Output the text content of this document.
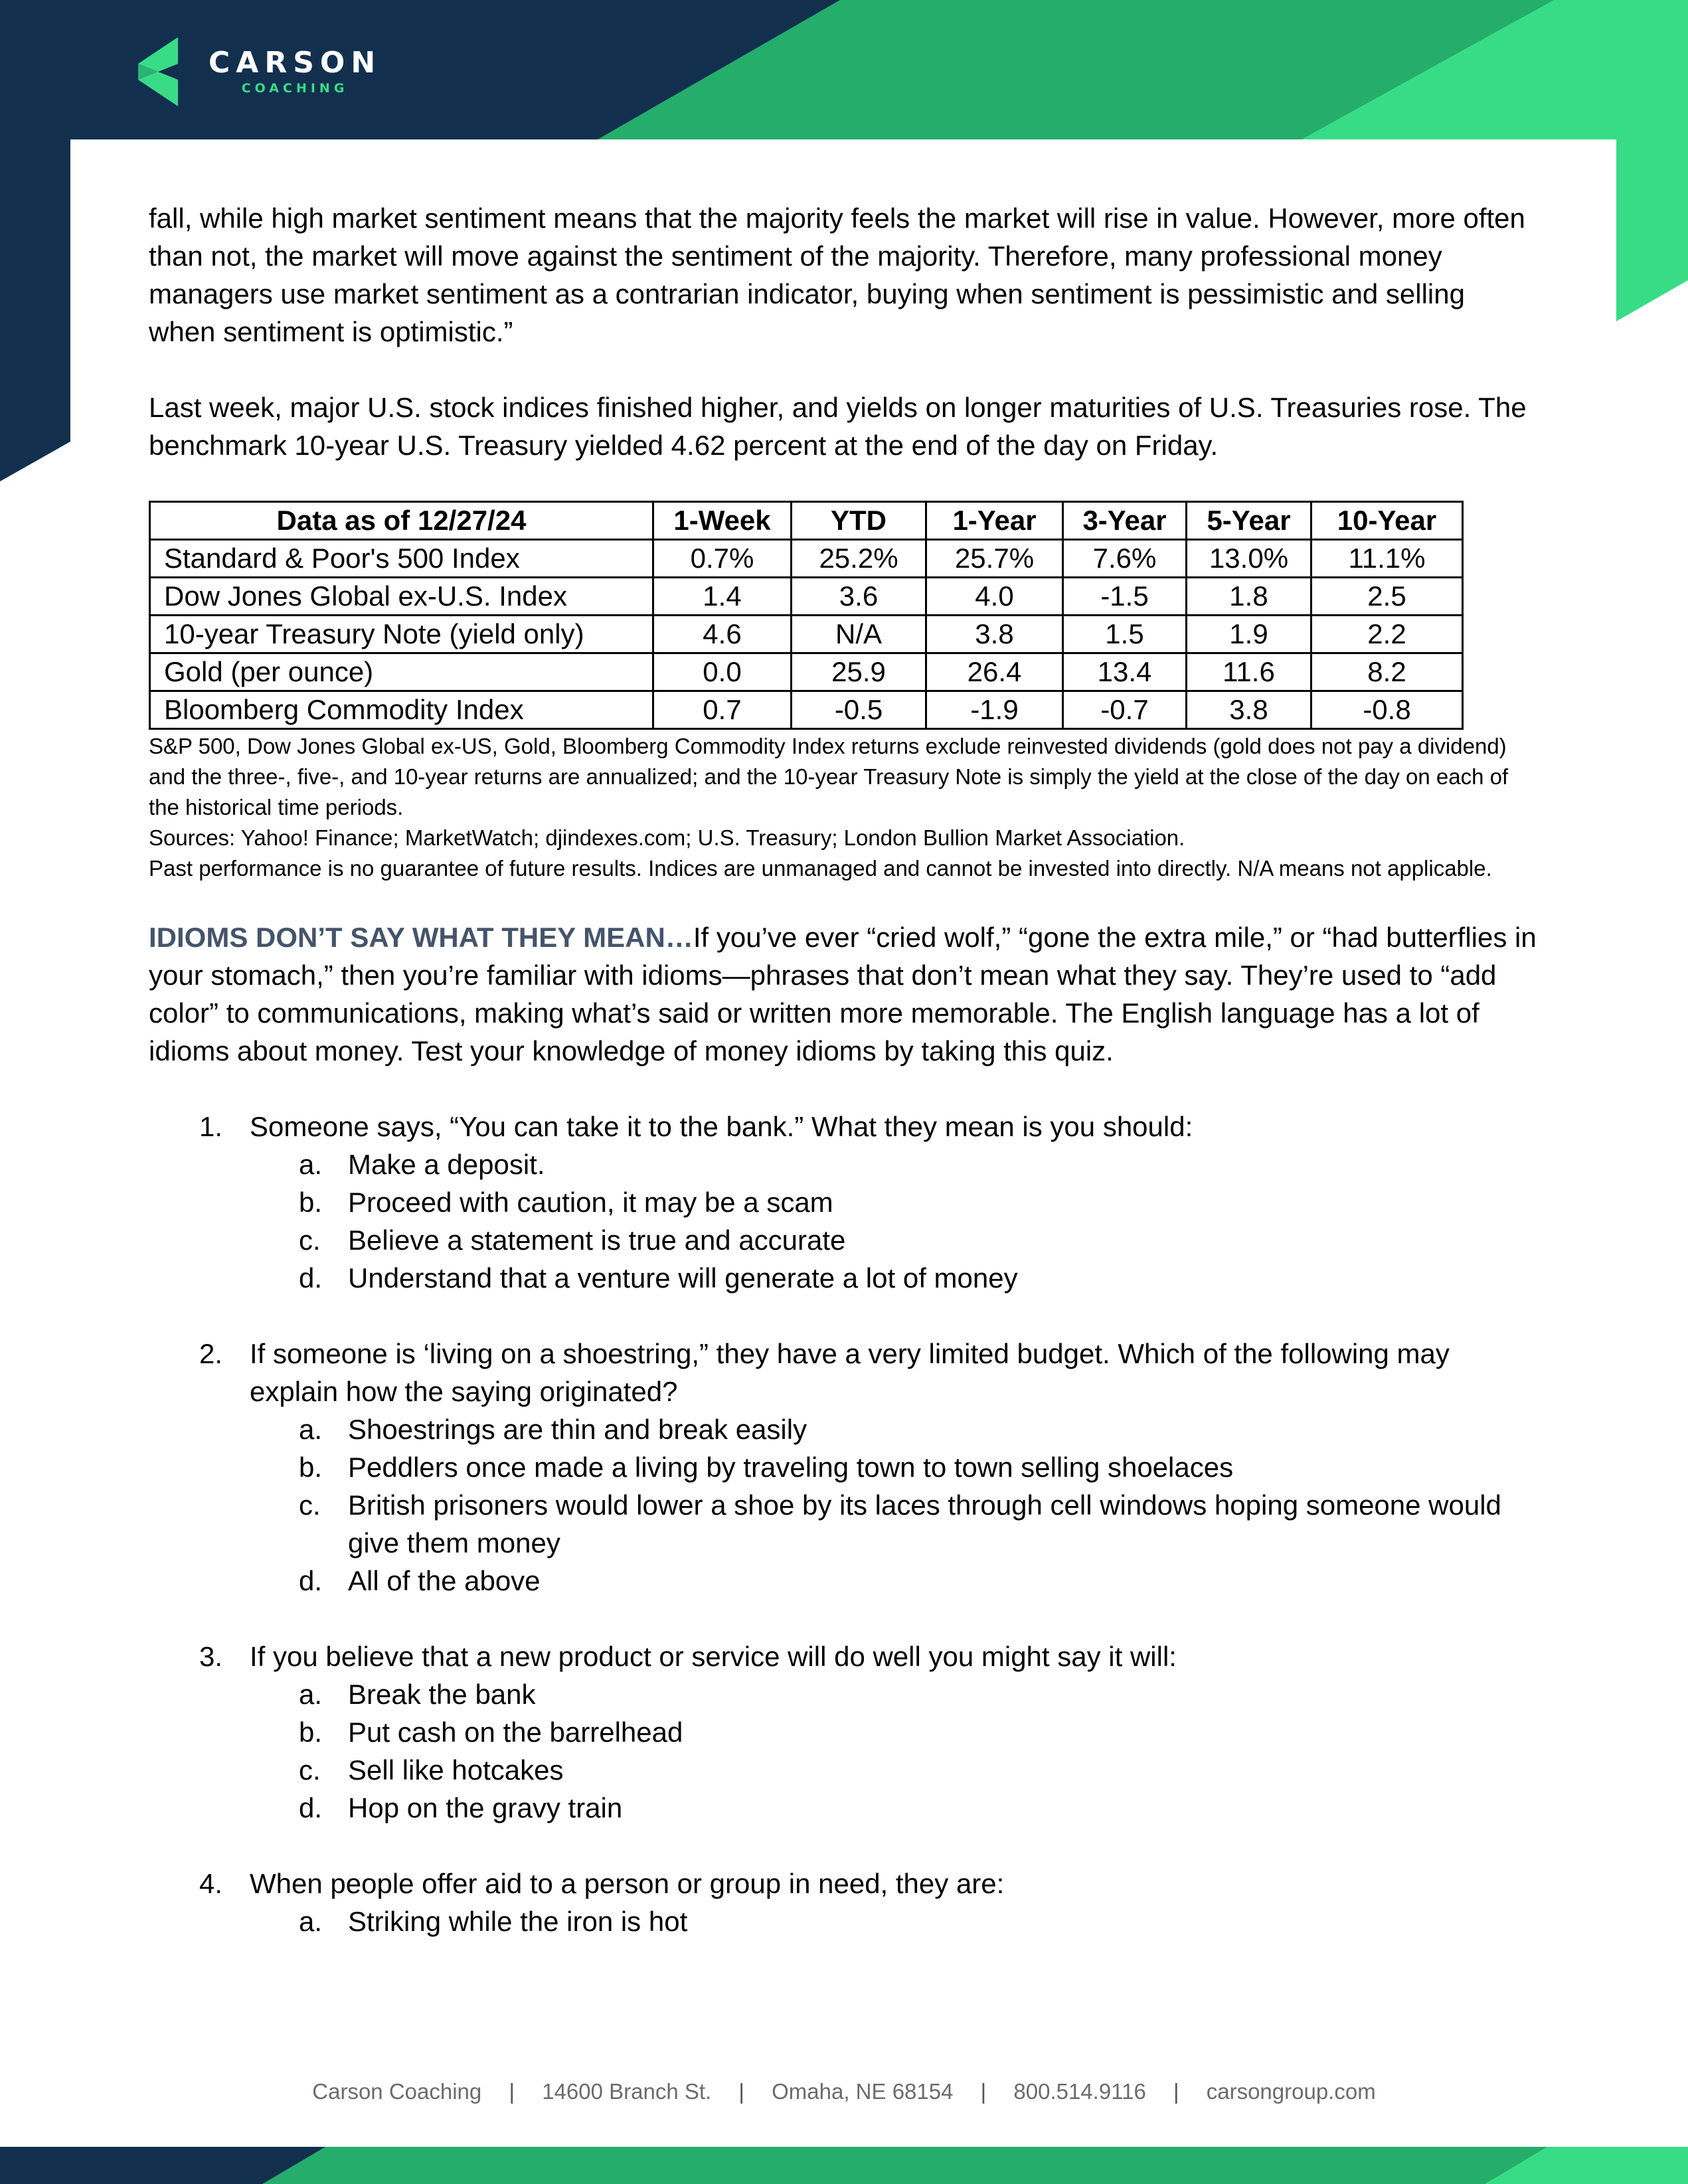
CARSON
COACHING

fall, while high market sentiment means that the majority feels the market will rise in value. However, more often than not, the market will move against the sentiment of the majority. Therefore, many professional money managers use market sentiment as a contrarian indicator, buying when sentiment is pessimistic and selling when sentiment is optimistic.”

Last week, major U.S. stock indices finished higher, and yields on longer maturities of U.S. Treasuries rose. The benchmark 10-year U.S. Treasury yielded 4.62 percent at the end of the day on Friday.

Data as of 12/27/24	1-Week	YTD	1-Year	3-Year	5-Year	10-Year
Standard & Poor's 500 Index	0.7%	25.2%	25.7%	7.6%	13.0%	11.1%
Dow Jones Global ex-U.S. Index	1.4	3.6	4.0	-1.5	1.8	2.5
10-year Treasury Note (yield only)	4.6	N/A	3.8	1.5	1.9	2.2
Gold (per ounce)	0.0	25.9	26.4	13.4	11.6	8.2
Bloomberg Commodity Index	0.7	-0.5	-1.9	-0.7	3.8	-0.8

S&P 500, Dow Jones Global ex-US, Gold, Bloomberg Commodity Index returns exclude reinvested dividends (gold does not pay a dividend) and the three-, five-, and 10-year returns are annualized; and the 10-year Treasury Note is simply the yield at the close of the day on each of the historical time periods.

Sources: Yahoo! Finance; MarketWatch; djindexes.com; U.S. Treasury; London Bullion Market Association.

Past performance is no guarantee of future results. Indices are unmanaged and cannot be invested into directly. N/A means not applicable.

IDIOMS DON’T SAY WHAT THEY MEAN…If you’ve ever “cried wolf,” “gone the extra mile,” or “had butterflies in your stomach,” then you’re familiar with idioms—phrases that don’t mean what they say. They’re used to “add color” to communications, making what’s said or written more memorable. The English language has a lot of idioms about money. Test your knowledge of money idioms by taking this quiz.

1. Someone says, “You can take it to the bank.” What they mean is you should:
a. Make a deposit.
b. Proceed with caution, it may be a scam
c. Believe a statement is true and accurate
d. Understand that a venture will generate a lot of money
2. If someone is ‘living on a shoestring,” they have a very limited budget. Which of the following may explain how the saying originated?
a. Shoestrings are thin and break easily
b. Peddlers once made a living by traveling town to town selling shoelaces
c. British prisoners would lower a shoe by its laces through cell windows hoping someone would give them money
d. All of the above
3. If you believe that a new product or service will do well you might say it will:
a. Break the bank
b. Put cash on the barrelhead
c. Sell like hotcakes
d. Hop on the gravy train
4. When people offer aid to a person or group in need, they are:
a. Striking while the iron is hot
Carson Coaching | 14600 Branch St. | Omaha, NE 68154 | 800.514.9116 | carsongroup.com
